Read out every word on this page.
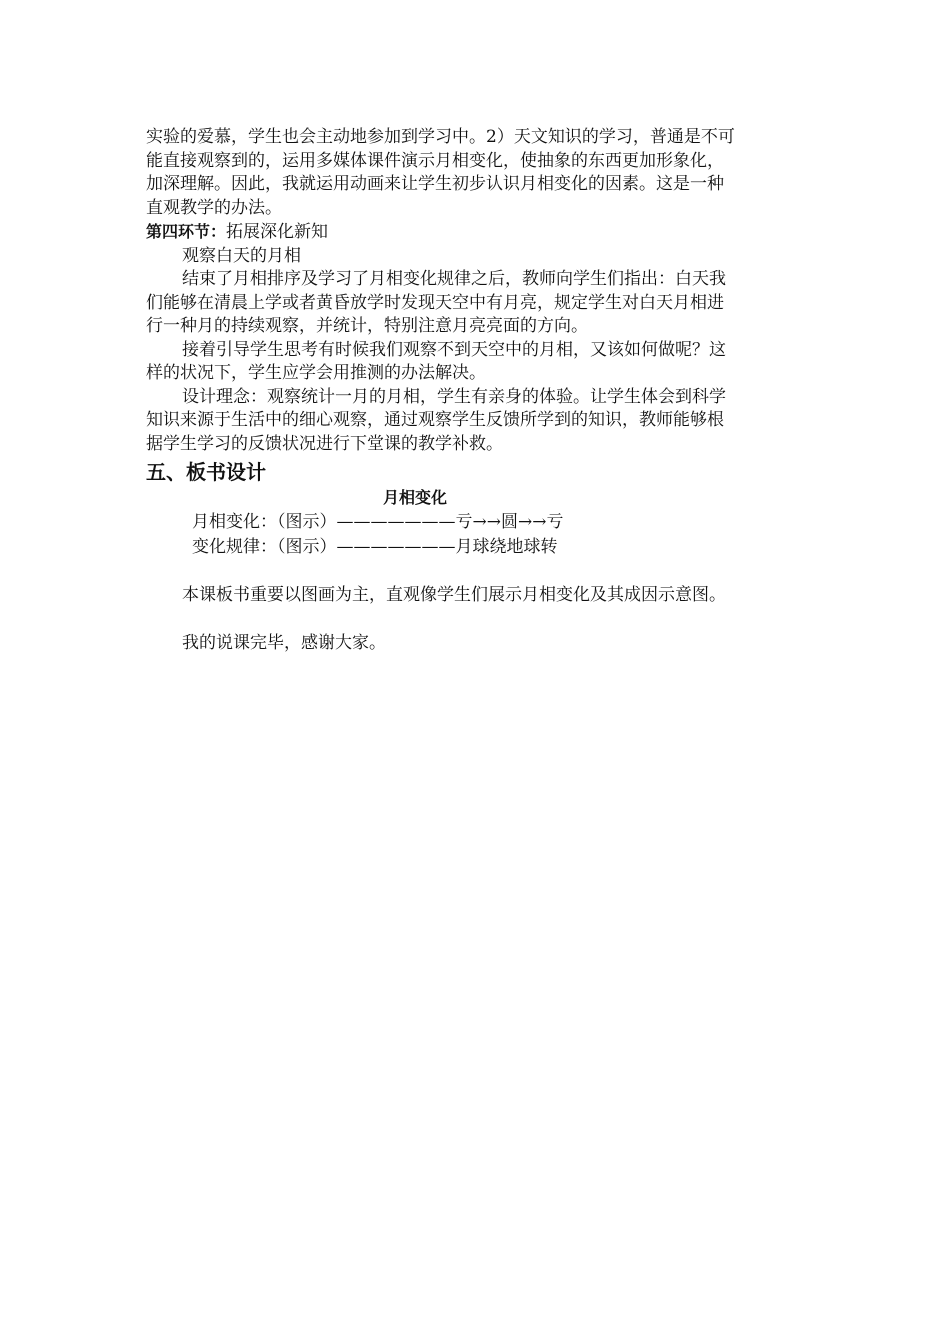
实验的爱慕，学生也会主动地参加到学习中。2）天文知识的学习，普通是不可
能直接观察到的，运用多媒体课件演示月相变化，使抽象的东西更加形象化，
加深理解。因此，我就运用动画来让学生初步认识月相变化的因素。这是一种
直观教学的办法。
第四环节：拓展深化新知
观察白天的月相
结束了月相排序及学习了月相变化规律之后，教师向学生们指出：白天我
们能够在清晨上学或者黄昏放学时发现天空中有月亮，规定学生对白天月相进
行一种月的持续观察，并统计，特别注意月亮亮面的方向。
接着引导学生思考有时候我们观察不到天空中的月相，又该如何做呢？这
样的状况下，学生应学会用推测的办法解决。
设计理念：观察统计一月的月相，学生有亲身的体验。让学生体会到科学
知识来源于生活中的细心观察，通过观察学生反馈所学到的知识，教师能够根
据学生学习的反馈状况进行下堂课的教学补救。
五、板书设计
月相变化
月相变化：（图示）———————亏→→圆→→亏
变化规律：（图示）———————月球绕地球转
本课板书重要以图画为主，直观像学生们展示月相变化及其成因示意图。
我的说课完毕，感谢大家。
